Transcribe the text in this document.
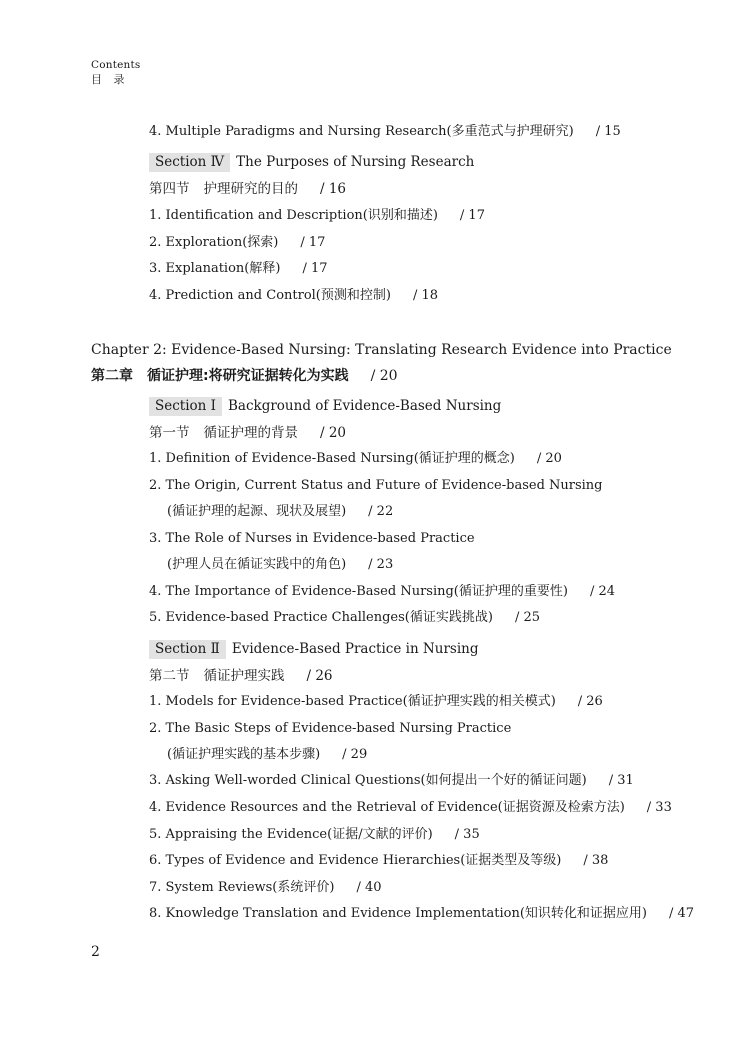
Contents
目 录
4. Multiple Paradigms and Nursing Research(多重范式与护理研究) / 15
Section Ⅳ The Purposes of Nursing Research
第四节 护理研究的目的 / 16
1. Identification and Description(识别和描述) / 17
2. Exploration(探索) / 17
3. Explanation(解释) / 17
4. Prediction and Control(预测和控制) / 18
Chapter 2: Evidence-Based Nursing: Translating Research Evidence into Practice
第二章 循证护理:将研究证据转化为实践 / 20
Section Ⅰ Background of Evidence-Based Nursing
第一节 循证护理的背景 / 20
1. Definition of Evidence-Based Nursing(循证护理的概念) / 20
2. The Origin, Current Status and Future of Evidence-based Nursing
(循证护理的起源、现状及展望) / 22
3. The Role of Nurses in Evidence-based Practice
(护理人员在循证实践中的角色) / 23
4. The Importance of Evidence-Based Nursing(循证护理的重要性) / 24
5. Evidence-based Practice Challenges(循证实践挑战) / 25
Section Ⅱ Evidence-Based Practice in Nursing
第二节 循证护理实践 / 26
1. Models for Evidence-based Practice(循证护理实践的相关模式) / 26
2. The Basic Steps of Evidence-based Nursing Practice
(循证护理实践的基本步骤) / 29
3. Asking Well-worded Clinical Questions(如何提出一个好的循证问题) / 31
4. Evidence Resources and the Retrieval of Evidence(证据资源及检索方法) / 33
5. Appraising the Evidence(证据/文献的评价) / 35
6. Types of Evidence and Evidence Hierarchies(证据类型及等级) / 38
7. System Reviews(系统评价) / 40
8. Knowledge Translation and Evidence Implementation(知识转化和证据应用) / 47
2
